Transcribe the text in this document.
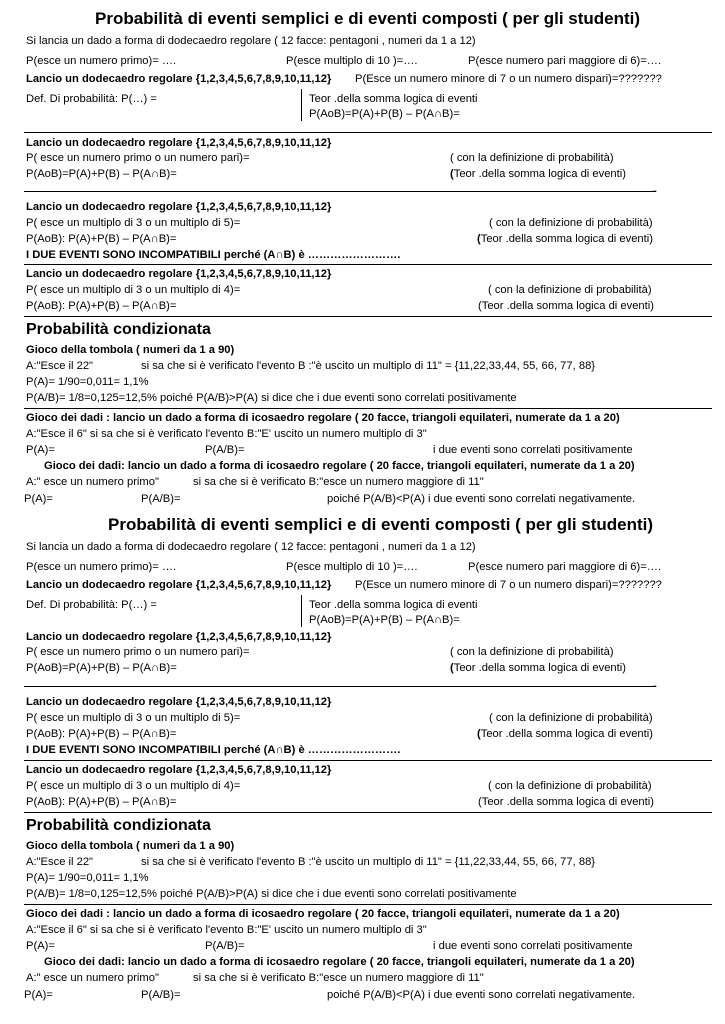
Probabilità di eventi semplici e di eventi composti ( per gli studenti)
Si lancia un dado a forma di dodecaedro regolare ( 12 facce: pentagoni , numeri da 1 a 12)
P(esce un numero primo)= ….	P(esce multiplo di 10 )=….	P(esce numero pari maggiore di 6)=….
Lancio un dodecaedro regolare {1,2,3,4,5,6,7,8,9,10,11,12} P(Esce un numero minore di 7 o un numero dispari)=???????
Def. Di probabilità: P(…) =	Teor .della somma logica di eventi
P(AoB)=P(A)+P(B) – P(A∩B)=
Lancio un dodecaedro regolare {1,2,3,4,5,6,7,8,9,10,11,12}
P( esce un numero primo o un numero pari)=	( con la definizione di probabilità)
P(AoB)=P(A)+P(B) – P(A∩B)=	(Teor .della somma logica di eventi)
-
Lancio un dodecaedro regolare {1,2,3,4,5,6,7,8,9,10,11,12}
P( esce un multiplo di 3 o un multiplo di 5)=	( con la definizione di probabilità)
P(AoB): P(A)+P(B) – P(A∩B)=	(Teor .della somma logica di eventi)
I DUE EVENTI SONO INCOMPATIBILI perché (A∩B) è …………………….
Lancio un dodecaedro regolare {1,2,3,4,5,6,7,8,9,10,11,12}
P( esce un multiplo di 3 o un multiplo di 4)=	( con la definizione di probabilità)
P(AoB): P(A)+P(B) – P(A∩B)=	(Teor .della somma logica di eventi)
Probabilità condizionata
Gioco della tombola ( numeri da 1 a 90)
A:"Esce il 22"	si sa che si è verificato l'evento B :"è uscito un multiplo di 11" = {11,22,33,44, 55, 66, 77, 88}
P(A)= 1/90=0,011= 1,1%
P(A/B)= 1/8=0,125=12,5% poiché P(A/B)>P(A) si dice che i due eventi sono correlati positivamente
Gioco dei dadi : lancio un dado a forma di icosaedro regolare ( 20 facce, triangoli equilateri, numerate da 1 a 20)
A:"Esce il 6" si sa che si è verificato l'evento B:"E' uscito un numero multiplo di 3"
P(A)=	P(A/B)=	i due eventi sono correlati positivamente
Gioco dei dadi: lancio un dado a forma di icosaedro regolare ( 20 facce, triangoli equilateri, numerate da 1 a 20)
A:" esce un numero primo"	si sa che si è verificato B:"esce un numero maggiore di 11"
P(A)=	P(A/B)=	poiché P(A/B)<P(A) i due eventi sono correlati negativamente.
Probabilità di eventi semplici e di eventi composti ( per gli studenti)
Si lancia un dado a forma di dodecaedro regolare ( 12 facce: pentagoni , numeri da 1 a 12)
P(esce un numero primo)= ….	P(esce multiplo di 10 )=….	P(esce numero pari maggiore di 6)=….
Lancio un dodecaedro regolare {1,2,3,4,5,6,7,8,9,10,11,12} P(Esce un numero minore di 7 o un numero dispari)=???????
Def. Di probabilità: P(…) =	Teor .della somma logica di eventi
P(AoB)=P(A)+P(B) – P(A∩B)=
Lancio un dodecaedro regolare {1,2,3,4,5,6,7,8,9,10,11,12}
P( esce un numero primo o un numero pari)=	( con la definizione di probabilità)
P(AoB)=P(A)+P(B) – P(A∩B)=	(Teor .della somma logica di eventi)
-
Lancio un dodecaedro regolare {1,2,3,4,5,6,7,8,9,10,11,12}
P( esce un multiplo di 3 o un multiplo di 5)=	( con la definizione di probabilità)
P(AoB): P(A)+P(B) – P(A∩B)=	(Teor .della somma logica di eventi)
I DUE EVENTI SONO INCOMPATIBILI perché (A∩B) è …………………….
Lancio un dodecaedro regolare {1,2,3,4,5,6,7,8,9,10,11,12}
P( esce un multiplo di 3 o un multiplo di 4)=	( con la definizione di probabilità)
P(AoB): P(A)+P(B) – P(A∩B)=	(Teor .della somma logica di eventi)
Probabilità condizionata
Gioco della tombola ( numeri da 1 a 90)
A:"Esce il 22"	si sa che si è verificato l'evento B :"è uscito un multiplo di 11" = {11,22,33,44, 55, 66, 77, 88}
P(A)= 1/90=0,011= 1,1%
P(A/B)= 1/8=0,125=12,5% poiché P(A/B)>P(A) si dice che i due eventi sono correlati positivamente
Gioco dei dadi : lancio un dado a forma di icosaedro regolare ( 20 facce, triangoli equilateri, numerate da 1 a 20)
A:"Esce il 6" si sa che si è verificato l'evento B:"E' uscito un numero multiplo di 3"
P(A)=	P(A/B)=	i due eventi sono correlati positivamente
Gioco dei dadi: lancio un dado a forma di icosaedro regolare ( 20 facce, triangoli equilateri, numerate da 1 a 20)
A:" esce un numero primo"	si sa che si è verificato B:"esce un numero maggiore di 11"
P(A)=	P(A/B)=	poiché P(A/B)<P(A) i due eventi sono correlati negativamente.
